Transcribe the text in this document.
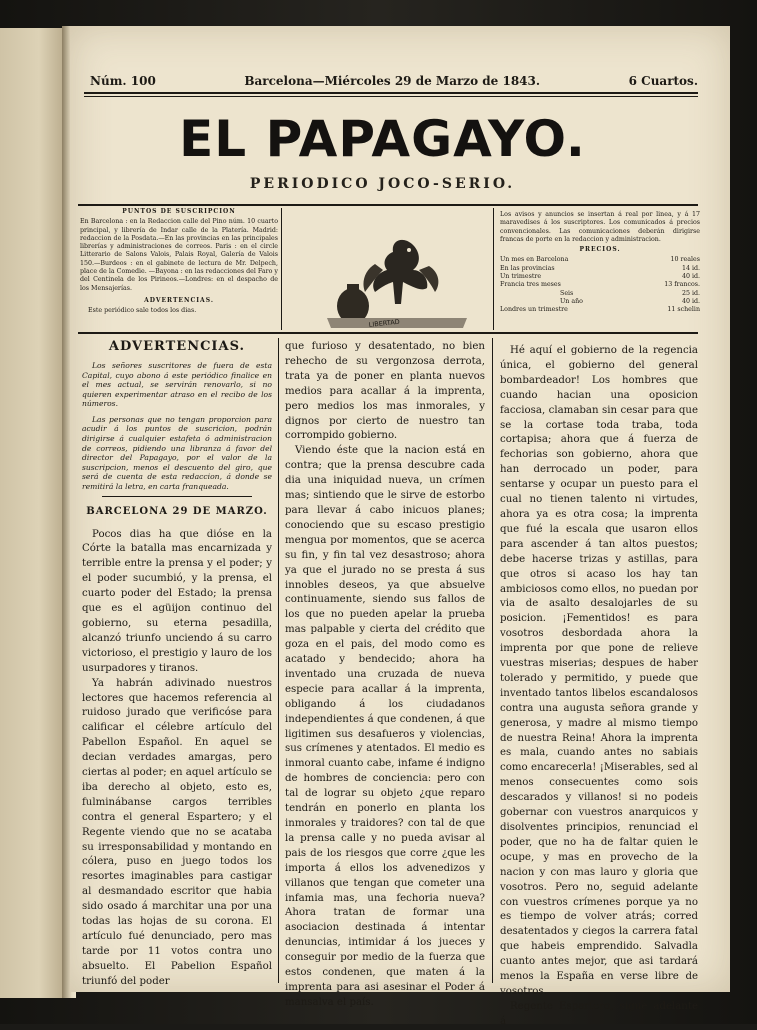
Núm. 100	Barcelona—Miércoles 29 de Marzo de 1843.	6 Cuartos.
EL PAPAGAYO.
PERIODICO JOCO-SERIO.
PUNTOS DE SUSCRIPCION
En Barcelona : en la Redaccion calle del Pino núm. 10 cuarto principal, y librería de Indar calle de la Platería. Madrid: redaccion de la Posdata.—En las provincias en las principales librerías y administraciones de correos. Paris : en el circle Litterario de Salons Valois, Palais Royal, Galería de Valois 150.—Burdeos : en el gabinete de lectura de Mr. Delpech, place de la Comedie. —Bayona : en las redacciones del Faro y del Centinela de los Pirineos.—Londres: en el despacho de los Mensajerías.
ADVERTENCIAS.
Este periódico sale todos los dias.
LIBERTAD
Los avisos y anuncios se insertan á real por linea, y á 17 maravedises á los suscriptores. Los comunicados á precios convencionales. Las comunicaciones deberán dirigirse francas de porte en la redaccion y administracion.
PRECIOS.
Un mes en Barcelona	10 reales
En las provincias	14 id.
Un trimestre	40 id.
Francia tres meses	13 francos.
Seis	25 id.
Un año	40 id.
Londres un trimestre	11 schelin
ADVERTENCIAS.
Los señores suscritores de fuera de esta Capital, cuyo abono á este periódico finalice en el mes actual, se servirán renovarlo, si no quieren experimentar atraso en el recibo de los números.
Las personas que no tengan proporcion para acudir á los puntos de suscricion, podrán dirigirse á cualquier estafeta ó administracion de correos, pidiendo una libranza á favor del director del Papagayo, por el valor de la suscripcion, menos el descuento del giro, que será de cuenta de esta redaccion, á donde se remitirá la letra, en carta franqueada.
BARCELONA 29 DE MARZO.

Pocos dias ha que dióse en la Córte la batalla mas encarnizada y terrible entre la prensa y el poder; y el poder sucumbió, y la prensa, el cuarto poder del Estado; la prensa que es el agüijon continuo del gobierno, su eterna pesadilla, alcanzó triunfo unciendo á su carro victorioso, el prestigio y lauro de los usurpadores y tiranos.

Ya habrán adivinado nuestros lectores que hacemos referencia al ruidoso jurado que verificóse para calificar el célebre artículo del Pabellon Español. En aquel se decian verdades amargas, pero ciertas al poder; en aquel artículo se iba derecho al objeto, esto es, fulminábanse cargos terribles contra el general Espartero; y el Regente viendo que no se acataba su irresponsabilidad y montando en cólera, puso en juego todos los resortes imaginables para castigar al desmandado escritor que habia sido osado á marchitar una por una todas las hojas de su corona. El artículo fué denunciado, pero mas tarde por 11 votos contra uno absuelto. El Pabelion Español triunfó del poder

que furioso y desatentado, no bien rehecho de su vergonzosa derrota, trata ya de poner en planta nuevos medios para acallar á la imprenta, pero medios los mas inmorales, y dignos por cierto de nuestro tan corrompido gobierno.

Viendo éste que la nacion está en contra; que la prensa descubre cada dia una iniquidad nueva, un crímen mas; sintiendo que le sirve de estorbo para llevar á cabo inicuos planes; conociendo que su escaso prestigio mengua por momentos, que se acerca su fin, y fin tal vez desastroso; ahora ya que el jurado no se presta á sus innobles deseos, ya que absuelve continuamente, siendo sus fallos de los que no pueden apelar la prueba mas palpable y cierta del crédito que goza en el pais, del modo como es acatado y bendecido; ahora ha inventado una cruzada de nueva especie para acallar á la imprenta, obligando á los ciudadanos independientes á que condenen, á que ligitimen sus desafueros y violencias, sus crímenes y atentados. El medio es inmoral cuanto cabe, infame é indigno de hombres de conciencia: pero con tal de lograr su objeto ¿que reparo tendrán en ponerlo en planta los inmorales y traidores? con tal de que la prensa calle y no pueda avisar al pais de los riesgos que corre ¿que les importa á ellos los advenedizos y villanos que tengan que cometer una infamia mas, una fechoria nueva? Ahora tratan de formar una asociacion destinada á intentar denuncias, intimidar á los jueces y conseguir por medio de la fuerza que estos condenen, que maten á la imprenta para asi asesinar el Poder á mansalva el país.

Hé aquí el gobierno de la regencia única, el gobierno del general bombardeador! Los hombres que cuando hacian una oposicion facciosa, clamaban sin cesar para que se la cortase toda traba, toda cortapisa; ahora que á fuerza de fechorias son gobierno, ahora que han derrocado un poder, para sentarse y ocupar un puesto para el cual no tienen talento ni virtudes, ahora ya es otra cosa; la imprenta que fué la escala que usaron ellos para ascender á tan altos puestos; debe hacerse trizas y astillas, para que otros si acaso los hay tan ambiciosos como ellos, no puedan por via de asalto desalojarles de su posicion. ¡Fementidos! es para vosotros desbordada ahora la imprenta por que pone de relieve vuestras miserias; despues de haber tolerado y permitido, y puede que inventado tantos libelos escandalosos contra una augusta señora grande y generosa, y madre al mismo tiempo de nuestra Reina! Ahora la imprenta es mala, cuando antes no sabiais como encarecerla! ¡Miserables, sed al menos consecuentes como sois descarados y villanos! si no podeis gobernar con vuestros anarquicos y disolventes principios, renunciad el poder, que no ha de faltar quien le ocupe, y mas en provecho de la nacion y con mas lauro y gloria que vosotros. Pero no, seguid adelante con vuestros crímenes porque ya no es tiempo de volver atrás; corred desatentados y ciegos la carrera fatal que habeis emprendido. Salvadla cuanto antes mejor, que asi tardará menos la España en verse libre de vosotros.

Regente Espartero, sigue adelante á
